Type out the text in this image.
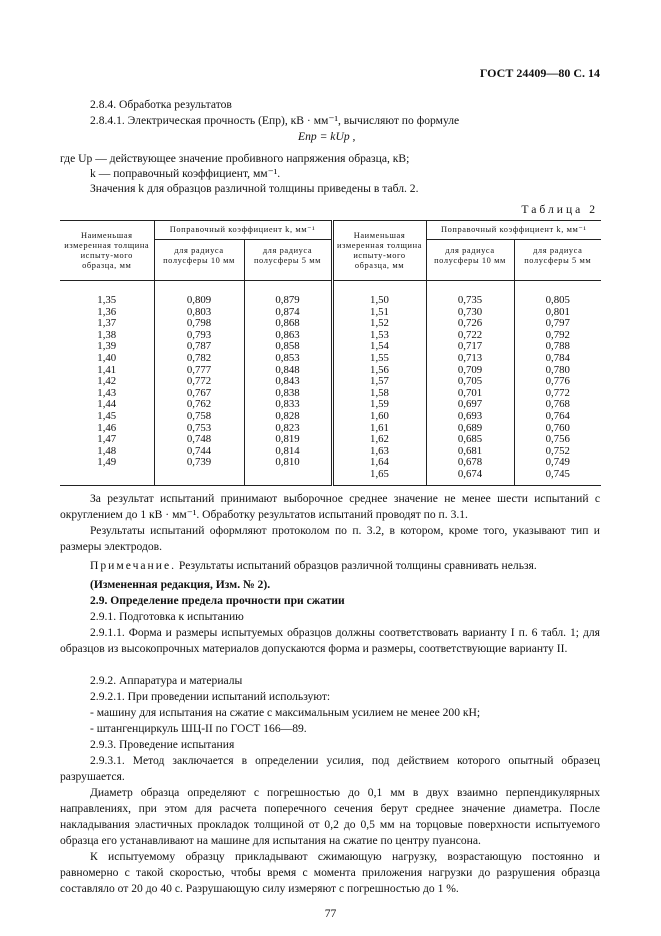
ГОСТ 24409—80 С. 14
2.8.4. Обработка результатов
2.8.4.1. Электрическая прочность (Eпр), кВ · мм⁻¹, вычисляют по формуле
Eпр = kUр ,
где Uр — действующее значение пробивного напряжения образца, кВ;
k — поправочный коэффициент, мм⁻¹.
Значения k для образцов различной толщины приведены в табл. 2.
Таблица 2
Наименьшая измеренная толщина испыту-мого образца, мм	Поправочный коэффициент k, мм⁻¹		Наименьшая измеренная толщина испыту-мого образца, мм	Поправочный коэффициент k, мм⁻¹	
	для радиуса полусферы 10 мм	для радиуса полусферы 5 мм		для радиуса полусферы 10 мм	для радиуса полусферы 5 мм
1,35	0,809	0,879	1,50	0,735	0,805
1,36	0,803	0,874	1,51	0,730	0,801
1,37	0,798	0,868	1,52	0,726	0,797
1,38	0,793	0,863	1,53	0,722	0,792
1,39	0,787	0,858	1,54	0,717	0,788
1,40	0,782	0,853	1,55	0,713	0,784
1,41	0,777	0,848	1,56	0,709	0,780
1,42	0,772	0,843	1,57	0,705	0,776
1,43	0,767	0,838	1,58	0,701	0,772
1,44	0,762	0,833	1,59	0,697	0,768
1,45	0,758	0,828	1,60	0,693	0,764
1,46	0,753	0,823	1,61	0,689	0,760
1,47	0,748	0,819	1,62	0,685	0,756
1,48	0,744	0,814	1,63	0,681	0,752
1,49	0,739	0,810	1,64	0,678	0,749
			1,65	0,674	0,745
За результат испытаний принимают выборочное среднее значение не менее шести испытаний с округлением до 1 кВ · мм⁻¹. Обработку результатов испытаний проводят по п. 3.1.
Результаты испытаний оформляют протоколом по п. 3.2, в котором, кроме того, указывают тип и размеры электродов.
Примечание. Результаты испытаний образцов различной толщины сравнивать нельзя.
(Измененная редакция, Изм. № 2).
2.9. Определение предела прочности при сжатии
2.9.1. Подготовка к испытанию
2.9.1.1. Форма и размеры испытуемых образцов должны соответствовать варианту I п. 6 табл. 1; для образцов из высокопрочных материалов допускаются форма и размеры, соответствующие варианту II.
2.9.2. Аппаратура и материалы
2.9.2.1. При проведении испытаний используют:
- машину для испытания на сжатие с максимальным усилием не менее 200 кН;
- штангенциркуль ШЦ-II по ГОСТ 166—89.
2.9.3. Проведение испытания
2.9.3.1. Метод заключается в определении усилия, под действием которого опытный образец разрушается.
Диаметр образца определяют с погрешностью до 0,1 мм в двух взаимно перпендикулярных направлениях, при этом для расчета поперечного сечения берут среднее значение диаметра. После накладывания эластичных прокладок толщиной от 0,2 до 0,5 мм на торцовые поверхности испытуемого образца его устанавливают на машине для испытания на сжатие по центру пуансона.
77
К испытуемому образцу прикладывают сжимающую нагрузку, возрастающую постоянно и равномерно с такой скоростью, чтобы время с момента приложения нагрузки до разрушения образца составляло от 20 до 40 с. Разрушающую силу измеряют с погрешностью до 1 %.
